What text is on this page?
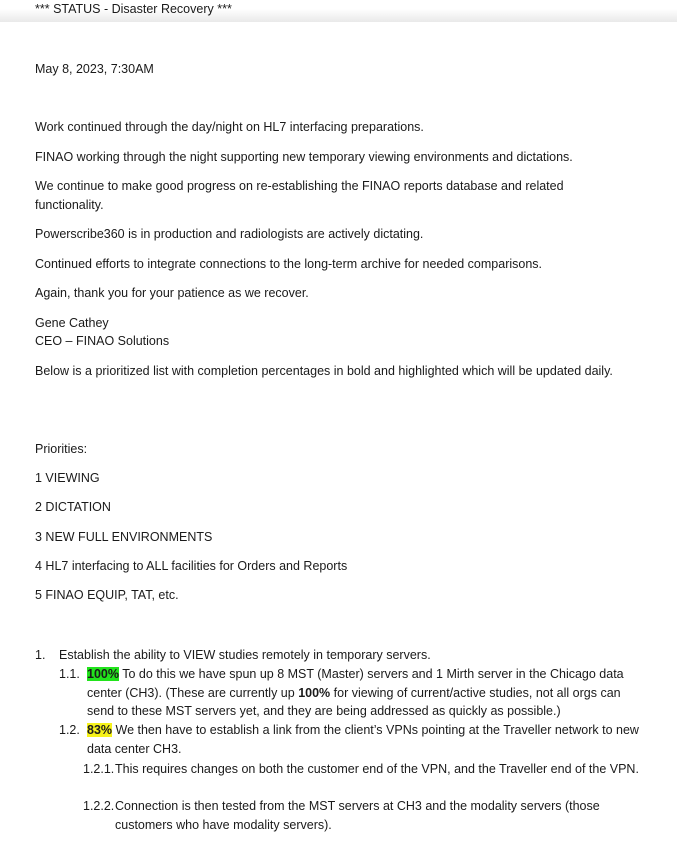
*** STATUS - Disaster Recovery ***
May 8, 2023, 7:30AM
Work continued through the day/night on HL7 interfacing preparations.
FINAO working through the night supporting new temporary viewing environments and dictations.
We continue to make good progress on re-establishing the FINAO reports database and related functionality.
Powerscribe360 is in production and radiologists are actively dictating.
Continued efforts to integrate connections to the long-term archive for needed comparisons.
Again, thank you for your patience as we recover.
Gene Cathey
CEO – FINAO Solutions
Below is a prioritized list with completion percentages in bold and highlighted which will be updated daily.
Priorities:
1 VIEWING
2 DICTATION
3 NEW FULL ENVIRONMENTS
4 HL7 interfacing to ALL facilities for Orders and Reports
5 FINAO EQUIP, TAT, etc.
1. Establish the ability to VIEW studies remotely in temporary servers.
1.1. 100% To do this we have spun up 8 MST (Master) servers and 1 Mirth server in the Chicago data center (CH3). (These are currently up 100% for viewing of current/active studies, not all orgs can send to these MST servers yet, and they are being addressed as quickly as possible.)
1.2. 83% We then have to establish a link from the client’s VPNs pointing at the Traveller network to new data center CH3.
1.2.1. This requires changes on both the customer end of the VPN, and the Traveller end of the VPN.
1.2.2. Connection is then tested from the MST servers at CH3 and the modality servers (those customers who have modality servers).
